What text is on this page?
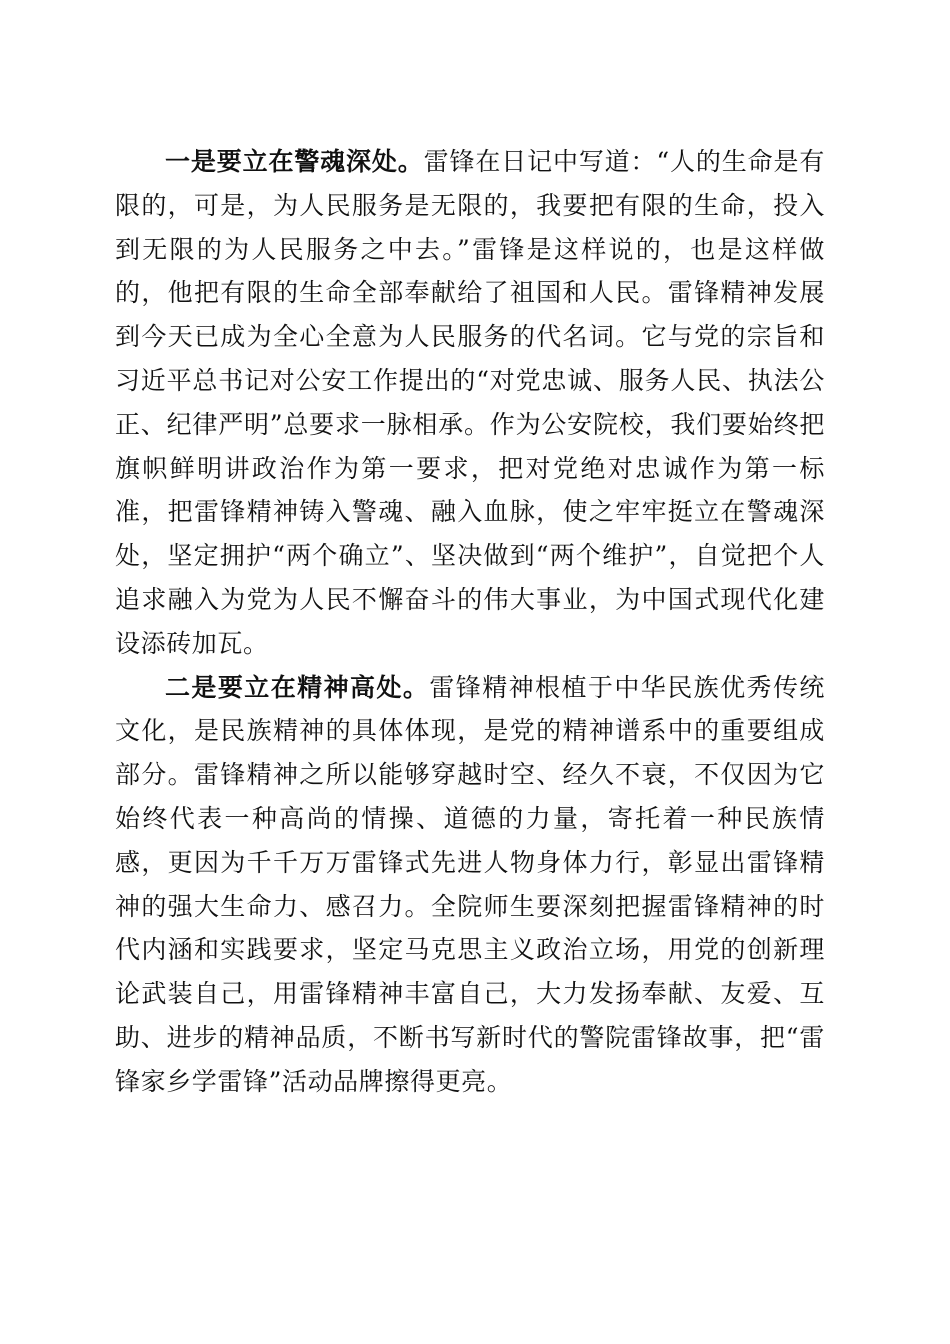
一是要立在警魂深处。雷锋在日记中写道：“人的生命是有限的，可是，为人民服务是无限的，我要把有限的生命，投入到无限的为人民服务之中去。”雷锋是这样说的，也是这样做的，他把有限的生命全部奉献给了祖国和人民。雷锋精神发展到今天已成为全心全意为人民服务的代名词。它与党的宗旨和习近平总书记对公安工作提出的“对党忠诚、服务人民、执法公正、纪律严明”总要求一脉相承。作为公安院校，我们要始终把旗帜鲜明讲政治作为第一要求，把对党绝对忠诚作为第一标准，把雷锋精神铸入警魂、融入血脉，使之牢牢挺立在警魂深处，坚定拥护“两个确立”、坚决做到“两个维护”，自觉把个人追求融入为党为人民不懈奋斗的伟大事业，为中国式现代化建设添砖加瓦。

二是要立在精神高处。雷锋精神根植于中华民族优秀传统文化，是民族精神的具体体现，是党的精神谱系中的重要组成部分。雷锋精神之所以能够穿越时空、经久不衰，不仅因为它始终代表一种高尚的情操、道德的力量，寄托着一种民族情感，更因为千千万万雷锋式先进人物身体力行，彰显出雷锋精神的强大生命力、感召力。全院师生要深刻把握雷锋精神的时代内涵和实践要求，坚定马克思主义政治立场，用党的创新理论武装自己，用雷锋精神丰富自己，大力发扬奉献、友爱、互助、进步的精神品质，不断书写新时代的警院雷锋故事，把“雷锋家乡学雷锋”活动品牌擦得更亮。
